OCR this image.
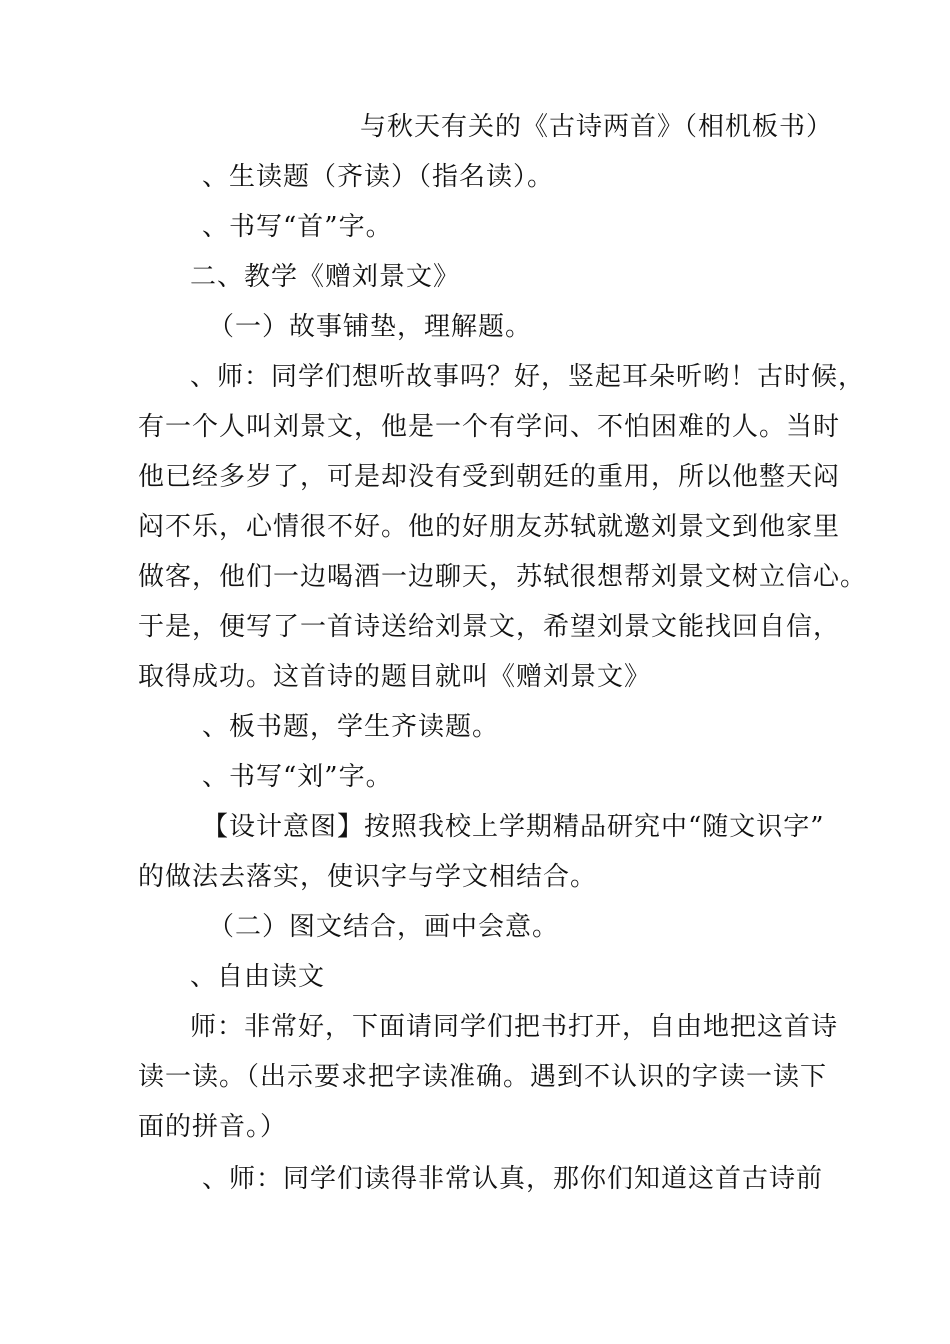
与秋天有关的《古诗两首》（相机板书）
、生读题（齐读）（指名读）。
、书写“首”字。
二、教学《赠刘景文》
（一）故事铺垫，理解题。
、师：同学们想听故事吗？好，竖起耳朵听哟！古时候，
有一个人叫刘景文，他是一个有学问、不怕困难的人。当时
他已经多岁了，可是却没有受到朝廷的重用，所以他整天闷
闷不乐，心情很不好。他的好朋友苏轼就邀刘景文到他家里
做客，他们一边喝酒一边聊天，苏轼很想帮刘景文树立信心。
于是，便写了一首诗送给刘景文，希望刘景文能找回自信，
取得成功。这首诗的题目就叫《赠刘景文》
、板书题，学生齐读题。
、书写“刘”字。
【设计意图】按照我校上学期精品研究中“随文识字”
的做法去落实，使识字与学文相结合。
（二）图文结合，画中会意。
、自由读文
师：非常好，下面请同学们把书打开，自由地把这首诗
读一读。（出示要求把字读准确。遇到不认识的字读一读下
面的拼音。）
、师：同学们读得非常认真，那你们知道这首古诗前
